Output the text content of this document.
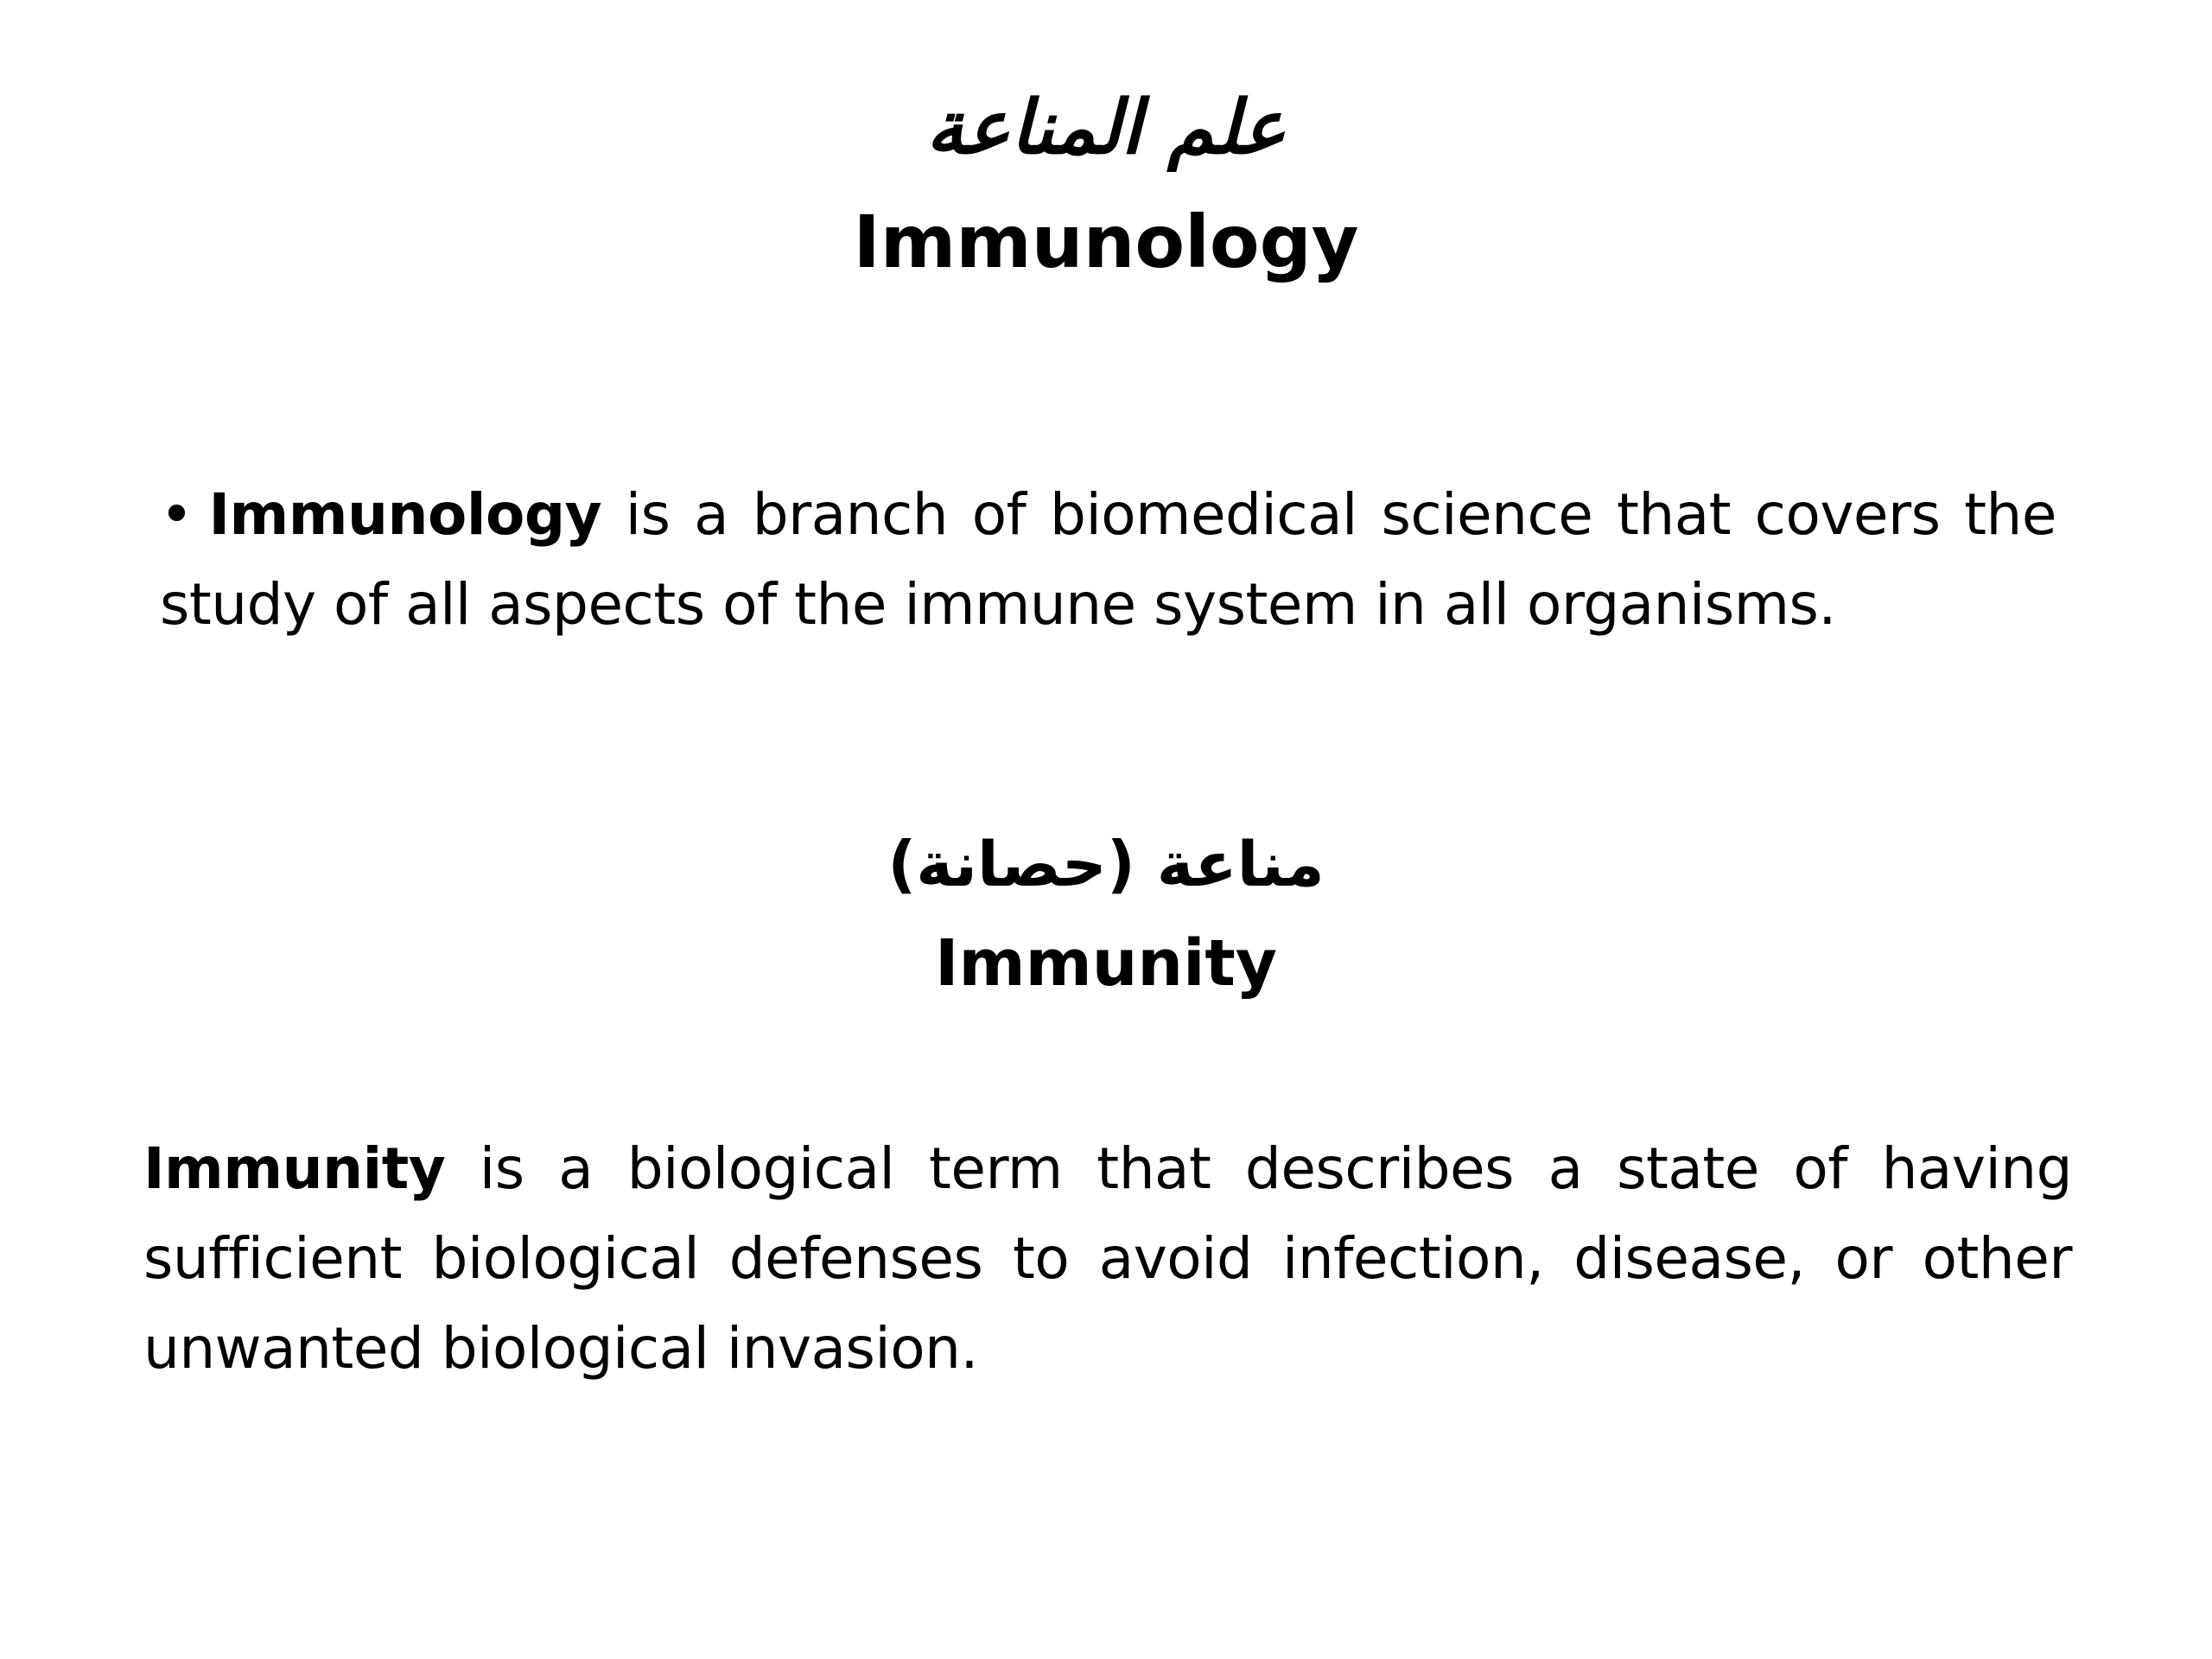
علم المناعة
Immunology

• Immunology is a branch of biomedical science that covers the study of all aspects of the immune system in all organisms.

مناعة (حصانة)
Immunity

Immunity is a biological term that describes a state of having sufficient biological defenses to avoid infection, disease, or other unwanted biological invasion.
